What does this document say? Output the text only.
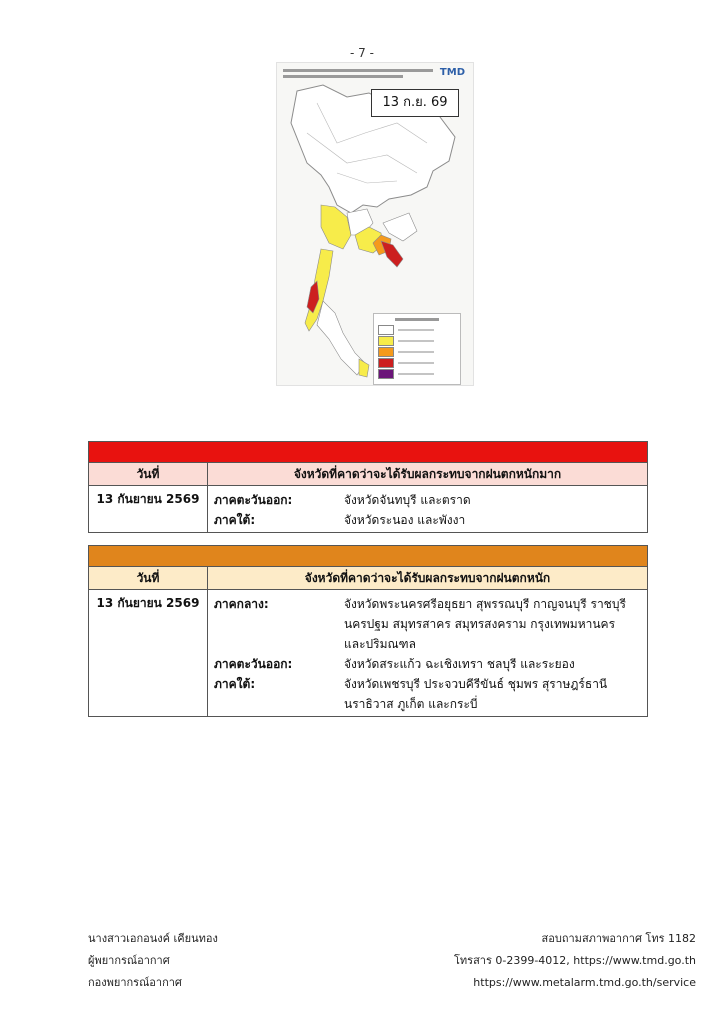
- 7 -
TMD
13 ก.ย. 69
วันที่	จังหวัดที่คาดว่าจะได้รับผลกระทบจากฝนตกหนักมาก
13 กันยายน 2569	ภาคตะวันออก:	จังหวัดจันทบุรี และตราด
ภาคใต้:	จังหวัดระนอง และพังงา
วันที่	จังหวัดที่คาดว่าจะได้รับผลกระทบจากฝนตกหนัก
13 กันยายน 2569	ภาคกลาง:	จังหวัดพระนครศรีอยุธยา สุพรรณบุรี กาญจนบุรี ราชบุรี
นครปฐม สมุทรสาคร สมุทรสงคราม กรุงเทพมหานคร
และปริมณฑล
ภาคตะวันออก:	จังหวัดสระแก้ว ฉะเชิงเทรา ชลบุรี และระยอง
ภาคใต้:	จังหวัดเพชรบุรี ประจวบคีรีขันธ์ ชุมพร สุราษฎร์ธานี
นราธิวาส ภูเก็ต และกระบี่
นางสาวเอกอนงค์ เคียนทอง
ผู้พยากรณ์อากาศ
กองพยากรณ์อากาศ
สอบถามสภาพอากาศ โทร 1182
โทรสาร 0-2399-4012, https://www.tmd.go.th
https://www.metalarm.tmd.go.th/service
